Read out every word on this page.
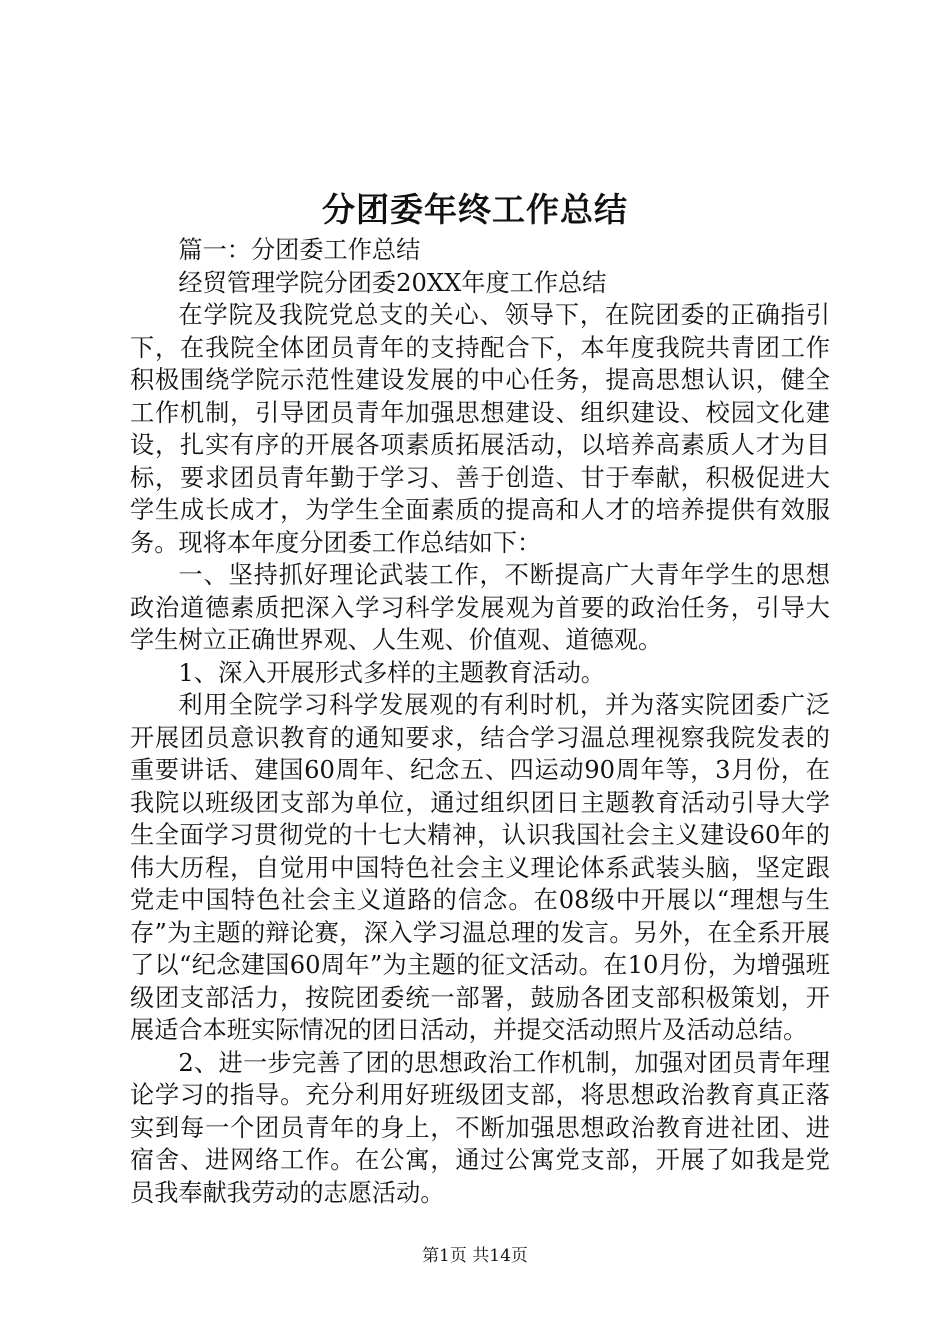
分团委年终工作总结

篇一：分团委工作总结

经贸管理学院分团委20XX年度工作总结

在学院及我院党总支的关心、领导下，在院团委的正确指引下，在我院全体团员青年的支持配合下，本年度我院共青团工作积极围绕学院示范性建设发展的中心任务，提高思想认识，健全工作机制，引导团员青年加强思想建设、组织建设、校园文化建设，扎实有序的开展各项素质拓展活动，以培养高素质人才为目标，要求团员青年勤于学习、善于创造、甘于奉献，积极促进大学生成长成才，为学生全面素质的提高和人才的培养提供有效服务。现将本年度分团委工作总结如下：

一、坚持抓好理论武装工作，不断提高广大青年学生的思想政治道德素质把深入学习科学发展观为首要的政治任务，引导大学生树立正确世界观、人生观、价值观、道德观。

1、深入开展形式多样的主题教育活动。

利用全院学习科学发展观的有利时机，并为落实院团委广泛开展团员意识教育的通知要求，结合学习温总理视察我院发表的重要讲话、建国60周年、纪念五、四运动90周年等，3月份，在我院以班级团支部为单位，通过组织团日主题教育活动引导大学生全面学习贯彻党的十七大精神，认识我国社会主义建设60年的伟大历程，自觉用中国特色社会主义理论体系武装头脑，坚定跟党走中国特色社会主义道路的信念。在08级中开展以“理想与生存”为主题的辩论赛，深入学习温总理的发言。另外，在全系开展了以“纪念建国60周年”为主题的征文活动。在10月份，为增强班级团支部活力，按院团委统一部署，鼓励各团支部积极策划，开展适合本班实际情况的团日活动，并提交活动照片及活动总结。

2、进一步完善了团的思想政治工作机制，加强对团员青年理论学习的指导。充分利用好班级团支部，将思想政治教育真正落实到每一个团员青年的身上，不断加强思想政治教育进社团、进宿舍、进网络工作。在公寓，通过公寓党支部，开展了如我是党员我奉献我劳动的志愿活动。

第1页 共14页
